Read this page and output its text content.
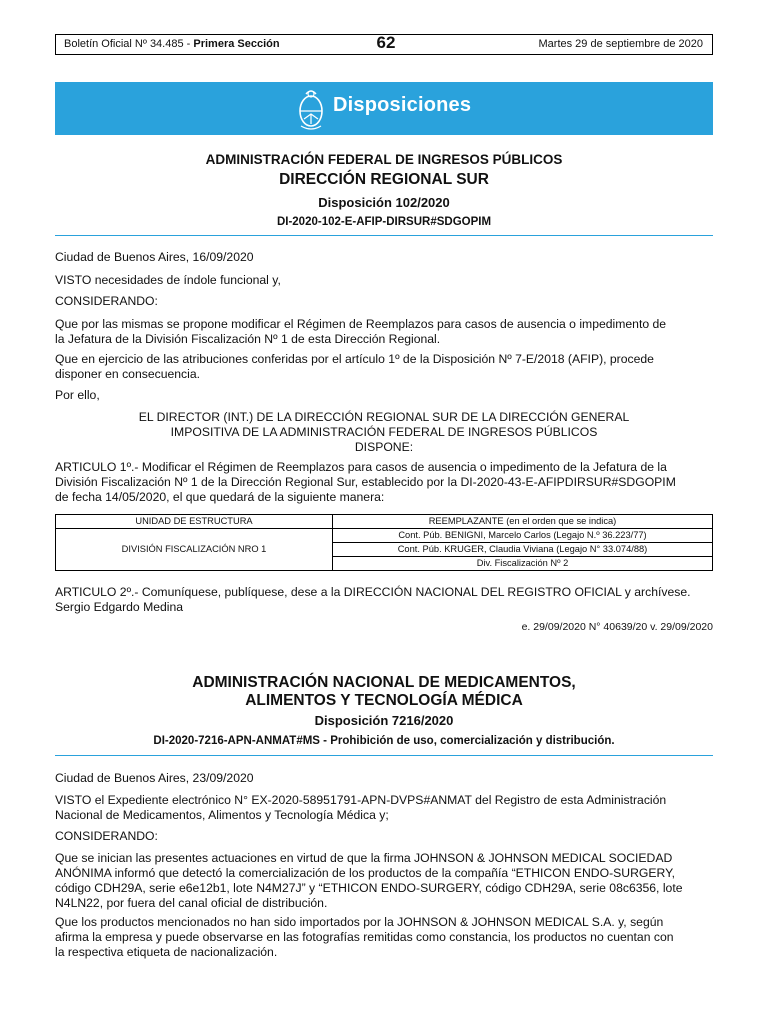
Boletín Oficial Nº 34.485 - Primera Sección	62	Martes 29 de septiembre de 2020
Disposiciones
ADMINISTRACIÓN FEDERAL DE INGRESOS PÚBLICOS
DIRECCIÓN REGIONAL SUR
Disposición 102/2020
DI-2020-102-E-AFIP-DIRSUR#SDGOPIM
Ciudad de Buenos Aires, 16/09/2020
VISTO necesidades de índole funcional y,
CONSIDERANDO:
Que por las mismas se propone modificar el Régimen de Reemplazos para casos de ausencia o impedimento de
la Jefatura de la División Fiscalización Nº 1 de esta Dirección Regional.
Que en ejercicio de las atribuciones conferidas por el artículo 1º de la Disposición Nº 7-E/2018 (AFIP), procede
disponer en consecuencia.
Por ello,
EL DIRECTOR (INT.) DE LA DIRECCIÓN REGIONAL SUR DE LA DIRECCIÓN GENERAL
IMPOSITIVA DE LA ADMINISTRACIÓN FEDERAL DE INGRESOS PÚBLICOS
DISPONE:
ARTICULO 1º.- Modificar el Régimen de Reemplazos para casos de ausencia o impedimento de la Jefatura de la
División Fiscalización Nº 1 de la Dirección Regional Sur, establecido por la DI-2020-43-E-AFIPDIRSUR#SDGOPIM
de fecha 14/05/2020, el que quedará de la siguiente manera:
UNIDAD DE ESTRUCTURA	REEMPLAZANTE (en el orden que se indica)
DIVISIÓN FISCALIZACIÓN NRO 1	Cont. Púb. BENIGNI, Marcelo Carlos (Legajo N.º 36.223/77)
	Cont. Púb. KRUGER, Claudia Viviana (Legajo N° 33.074/88)
	Div. Fiscalización Nº 2
ARTICULO 2º.- Comuníquese, publíquese, dese a la DIRECCIÓN NACIONAL DEL REGISTRO OFICIAL y archívese.
Sergio Edgardo Medina
e. 29/09/2020 N° 40639/20 v. 29/09/2020
ADMINISTRACIÓN NACIONAL DE MEDICAMENTOS,
ALIMENTOS Y TECNOLOGÍA MÉDICA
Disposición 7216/2020
DI-2020-7216-APN-ANMAT#MS - Prohibición de uso, comercialización y distribución.
Ciudad de Buenos Aires, 23/09/2020
VISTO el Expediente electrónico N° EX-2020-58951791-APN-DVPS#ANMAT del Registro de esta Administración
Nacional de Medicamentos, Alimentos y Tecnología Médica y;
CONSIDERANDO:
Que se inician las presentes actuaciones en virtud de que la firma JOHNSON & JOHNSON MEDICAL SOCIEDAD
ANÓNIMA informó que detectó la comercialización de los productos de la compañía “ETHICON ENDO-SURGERY,
código CDH29A, serie e6e12b1, lote N4M27J” y “ETHICON ENDO-SURGERY, código CDH29A, serie 08c6356, lote
N4LN22, por fuera del canal oficial de distribución.
Que los productos mencionados no han sido importados por la JOHNSON & JOHNSON MEDICAL S.A. y, según
afirma la empresa y puede observarse en las fotografías remitidas como constancia, los productos no cuentan con
la respectiva etiqueta de nacionalización.
